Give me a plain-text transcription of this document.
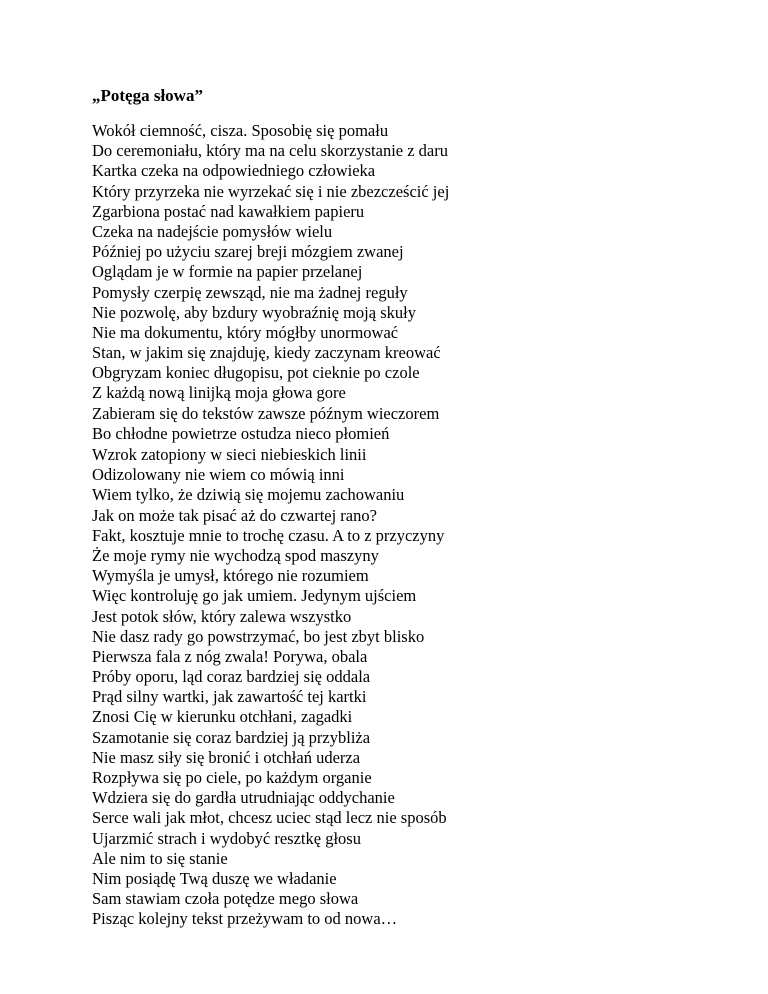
„Potęga słowa”
Wokół ciemność, cisza. Sposobię się pomału
Do ceremoniału, który ma na celu skorzystanie z daru
Kartka czeka na odpowiedniego człowieka
Który przyrzeka nie wyrzekać się i nie zbezcześcić jej
Zgarbiona postać nad kawałkiem papieru
Czeka na nadejście pomysłów wielu
Później po użyciu szarej breji mózgiem zwanej
Oglądam je w formie na papier przelanej
Pomysły czerpię zewsząd, nie ma żadnej reguły
Nie pozwolę, aby bzdury wyobraźnię moją skuły
Nie ma dokumentu, który mógłby unormować
Stan, w jakim się znajduję, kiedy zaczynam kreować
Obgryzam koniec długopisu, pot cieknie po czole
Z każdą nową linijką moja głowa gore
Zabieram się do tekstów zawsze późnym wieczorem
Bo chłodne powietrze ostudza nieco płomień
Wzrok zatopiony w sieci niebieskich linii
Odizolowany nie wiem co mówią inni
Wiem tylko, że dziwią się mojemu zachowaniu
Jak on może tak pisać aż do czwartej rano?
Fakt, kosztuje mnie to trochę czasu. A to z przyczyny
Że moje rymy nie wychodzą spod maszyny
Wymyśla je umysł, którego nie rozumiem
Więc kontroluję go jak umiem. Jedynym ujściem
Jest potok słów, który zalewa wszystko
Nie dasz rady go powstrzymać, bo jest zbyt blisko
Pierwsza fala z nóg zwala! Porywa, obala
Próby oporu, ląd coraz bardziej się oddala
Prąd silny wartki, jak zawartość tej kartki
Znosi Cię w kierunku otchłani, zagadki
Szamotanie się coraz bardziej ją przybliża
Nie masz siły się bronić i otchłań uderza
Rozpływa się po ciele, po każdym organie
Wdziera się do gardła utrudniając oddychanie
Serce wali jak młot, chcesz uciec stąd lecz nie sposób
Ujarzmić strach i wydobyć resztkę głosu
Ale nim to się stanie
Nim posiądę Twą duszę we władanie
Sam stawiam czoła potędze mego słowa
Pisząc kolejny tekst przeżywam to od nowa…
